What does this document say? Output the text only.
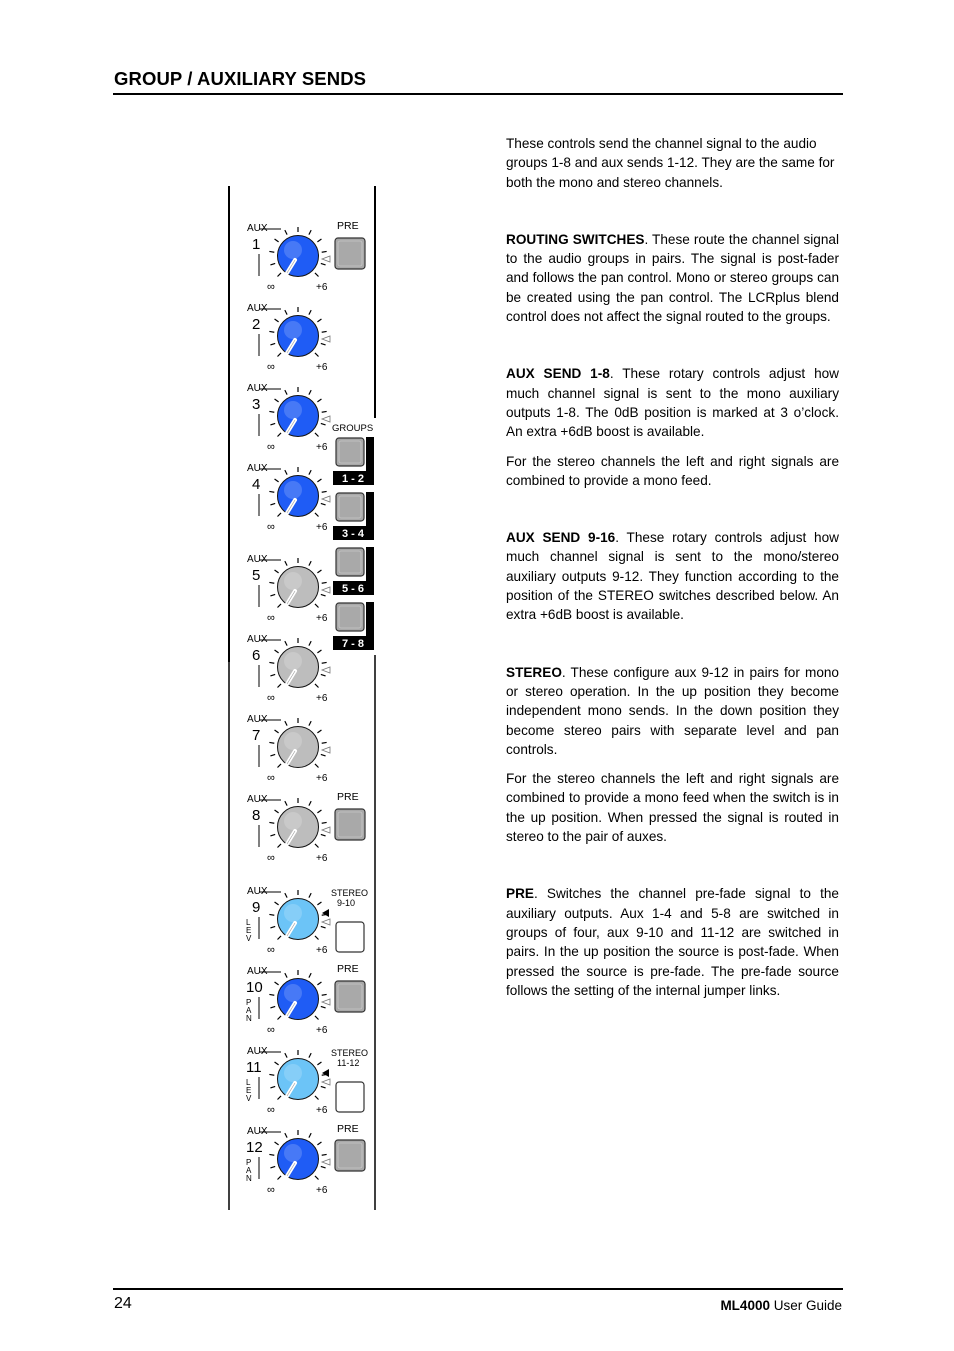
GROUP / AUXILIARY SENDS
AUX
1
∞	+6
AUX
2
∞	+6
AUX
3
∞	+6
AUX
4
∞	+6
AUX
5
∞	+6
AUX
6
∞	+6
AUX
7
∞	+6
AUX
8
∞	+6
AUX
9
∞	+6
L
E
V
AUX
10
∞	+6
P
A
N
AUX
11
∞	+6
L
E
V
AUX
12
∞	+6
P
A
N
PRE
PRE
PRE
PRE
GROUPS
1 - 2
3 - 4
5 - 6
7 - 8
STEREO
9-10
STEREO
11-12

These controls send the channel signal to the audio groups 1-8 and aux sends 1-12. They are the same for both the mono and stereo channels.

ROUTING SWITCHES. These route the channel signal to the audio groups in pairs. The signal is post-fader and follows the pan control. Mono or stereo groups can be created using the pan control. The LCRplus blend control does not affect the signal routed to the groups.

AUX SEND 1-8. These rotary controls adjust how much channel signal is sent to the mono auxiliary outputs 1-8. The 0dB position is marked at 3 o’clock. An extra +6dB boost is available.

For the stereo channels the left and right signals are combined to provide a mono feed.

AUX SEND 9-16. These rotary controls adjust how much channel signal is sent to the mono/stereo auxiliary outputs 9-12. They function according to the position of the STEREO switches described below. An extra +6dB boost is available.

STEREO. These configure aux 9-12 in pairs for mono or stereo operation. In the up position they become independent mono sends. In the down position they become stereo pairs with separate level and pan controls.

For the stereo channels the left and right signals are combined to provide a mono feed when the switch is in the up position. When pressed the signal is routed in stereo to the pair of auxes.

PRE. Switches the channel pre-fade signal to the auxiliary outputs. Aux 1-4 and 5-8 are switched in groups of four, aux 9-10 and 11-12 are switched in pairs. In the up position the source is post-fade. When pressed the source is pre-fade. The pre-fade source follows the setting of the internal jumper links.

24	ML4000 User Guide
